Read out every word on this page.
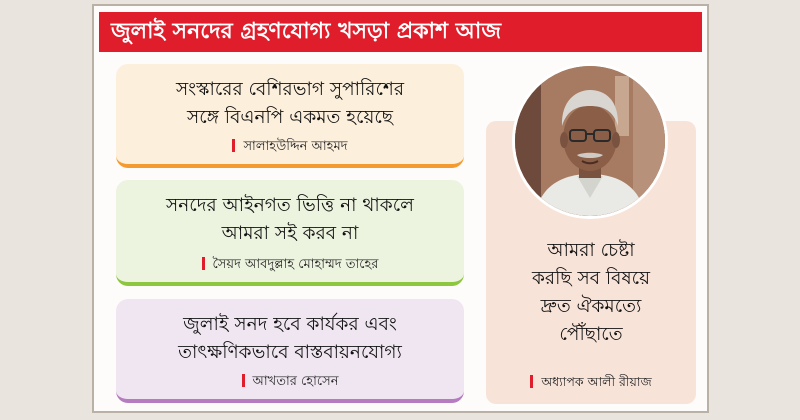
জুলাই সনদের গ্রহণযোগ্য খসড়া প্রকাশ আজ
সংস্কারের বেশিরভাগ সুপারিশের
সঙ্গে বিএনপি একমত হয়েছে
সালাহউদ্দিন আহমদ
সনদের আইনগত ভিত্তি না থাকলে
আমরা সই করব না
সৈয়দ আবদুল্লাহ মোহাম্মদ তাহের
জুলাই সনদ হবে কার্যকর এবং
তাৎক্ষণিকভাবে বাস্তবায়নযোগ্য
আখতার হোসেন
আমরা চেষ্টা
করছি সব বিষয়ে
দ্রুত ঐকমত্যে
পৌঁছাতে
অধ্যাপক আলী রীয়াজ
